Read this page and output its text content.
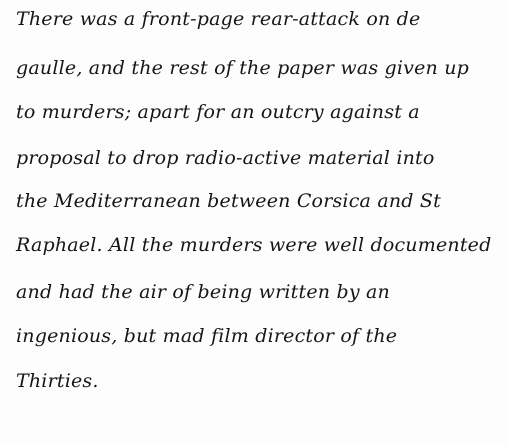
There was a front-page rear-attack on de
gaulle, and the rest of the paper was given up
to murders; apart for an outcry against a
proposal to drop radio-active material into
the Mediterranean between Corsica and St
Raphael. All the murders were well documented
and had the air of being written by an
ingenious, but mad film director of the
Thirties.
